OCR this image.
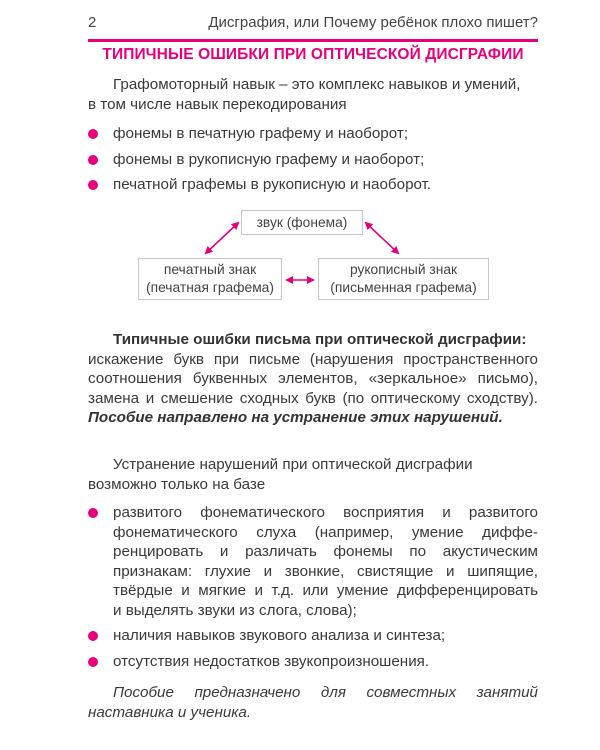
2	Дисграфия, или Почему ребёнок плохо пишет?
ТИПИЧНЫЕ ОШИБКИ ПРИ ОПТИЧЕСКОЙ ДИСГРАФИИ
Графомоторный навык – это комплекс навыков и умений,
в том числе навык перекодирования
фонемы в печатную графему и наоборот;
фонемы в рукописную графему и наоборот;
печатной графемы в рукописную и наоборот.
звук (фонема)
печатный знак
(печатная графема)
рукописный знак
(письменная графема)
Типичные ошибки письма при оптической дисграфии:
искажение букв при письме (нарушения пространственного
соотношения буквенных элементов, «зеркальное» письмо),
замена и смешение сходных букв (по оптическому сходству).
Пособие направлено на устранение этих нарушений.
Устранение нарушений при оптической дисграфии
возможно только на базе
развитого фонематического восприятия и развитого
фонематического слуха (например, умение диффе-
ренцировать и различать фонемы по акустическим
признакам: глухие и звонкие, свистящие и шипящие,
твёрдые и мягкие и т.д. или умение дифференцировать
и выделять звуки из слога, слова);
наличия навыков звукового анализа и синтеза;
отсутствия недостатков звукопроизношения.
Пособие предназначено для совместных занятий
наставника и ученика.
